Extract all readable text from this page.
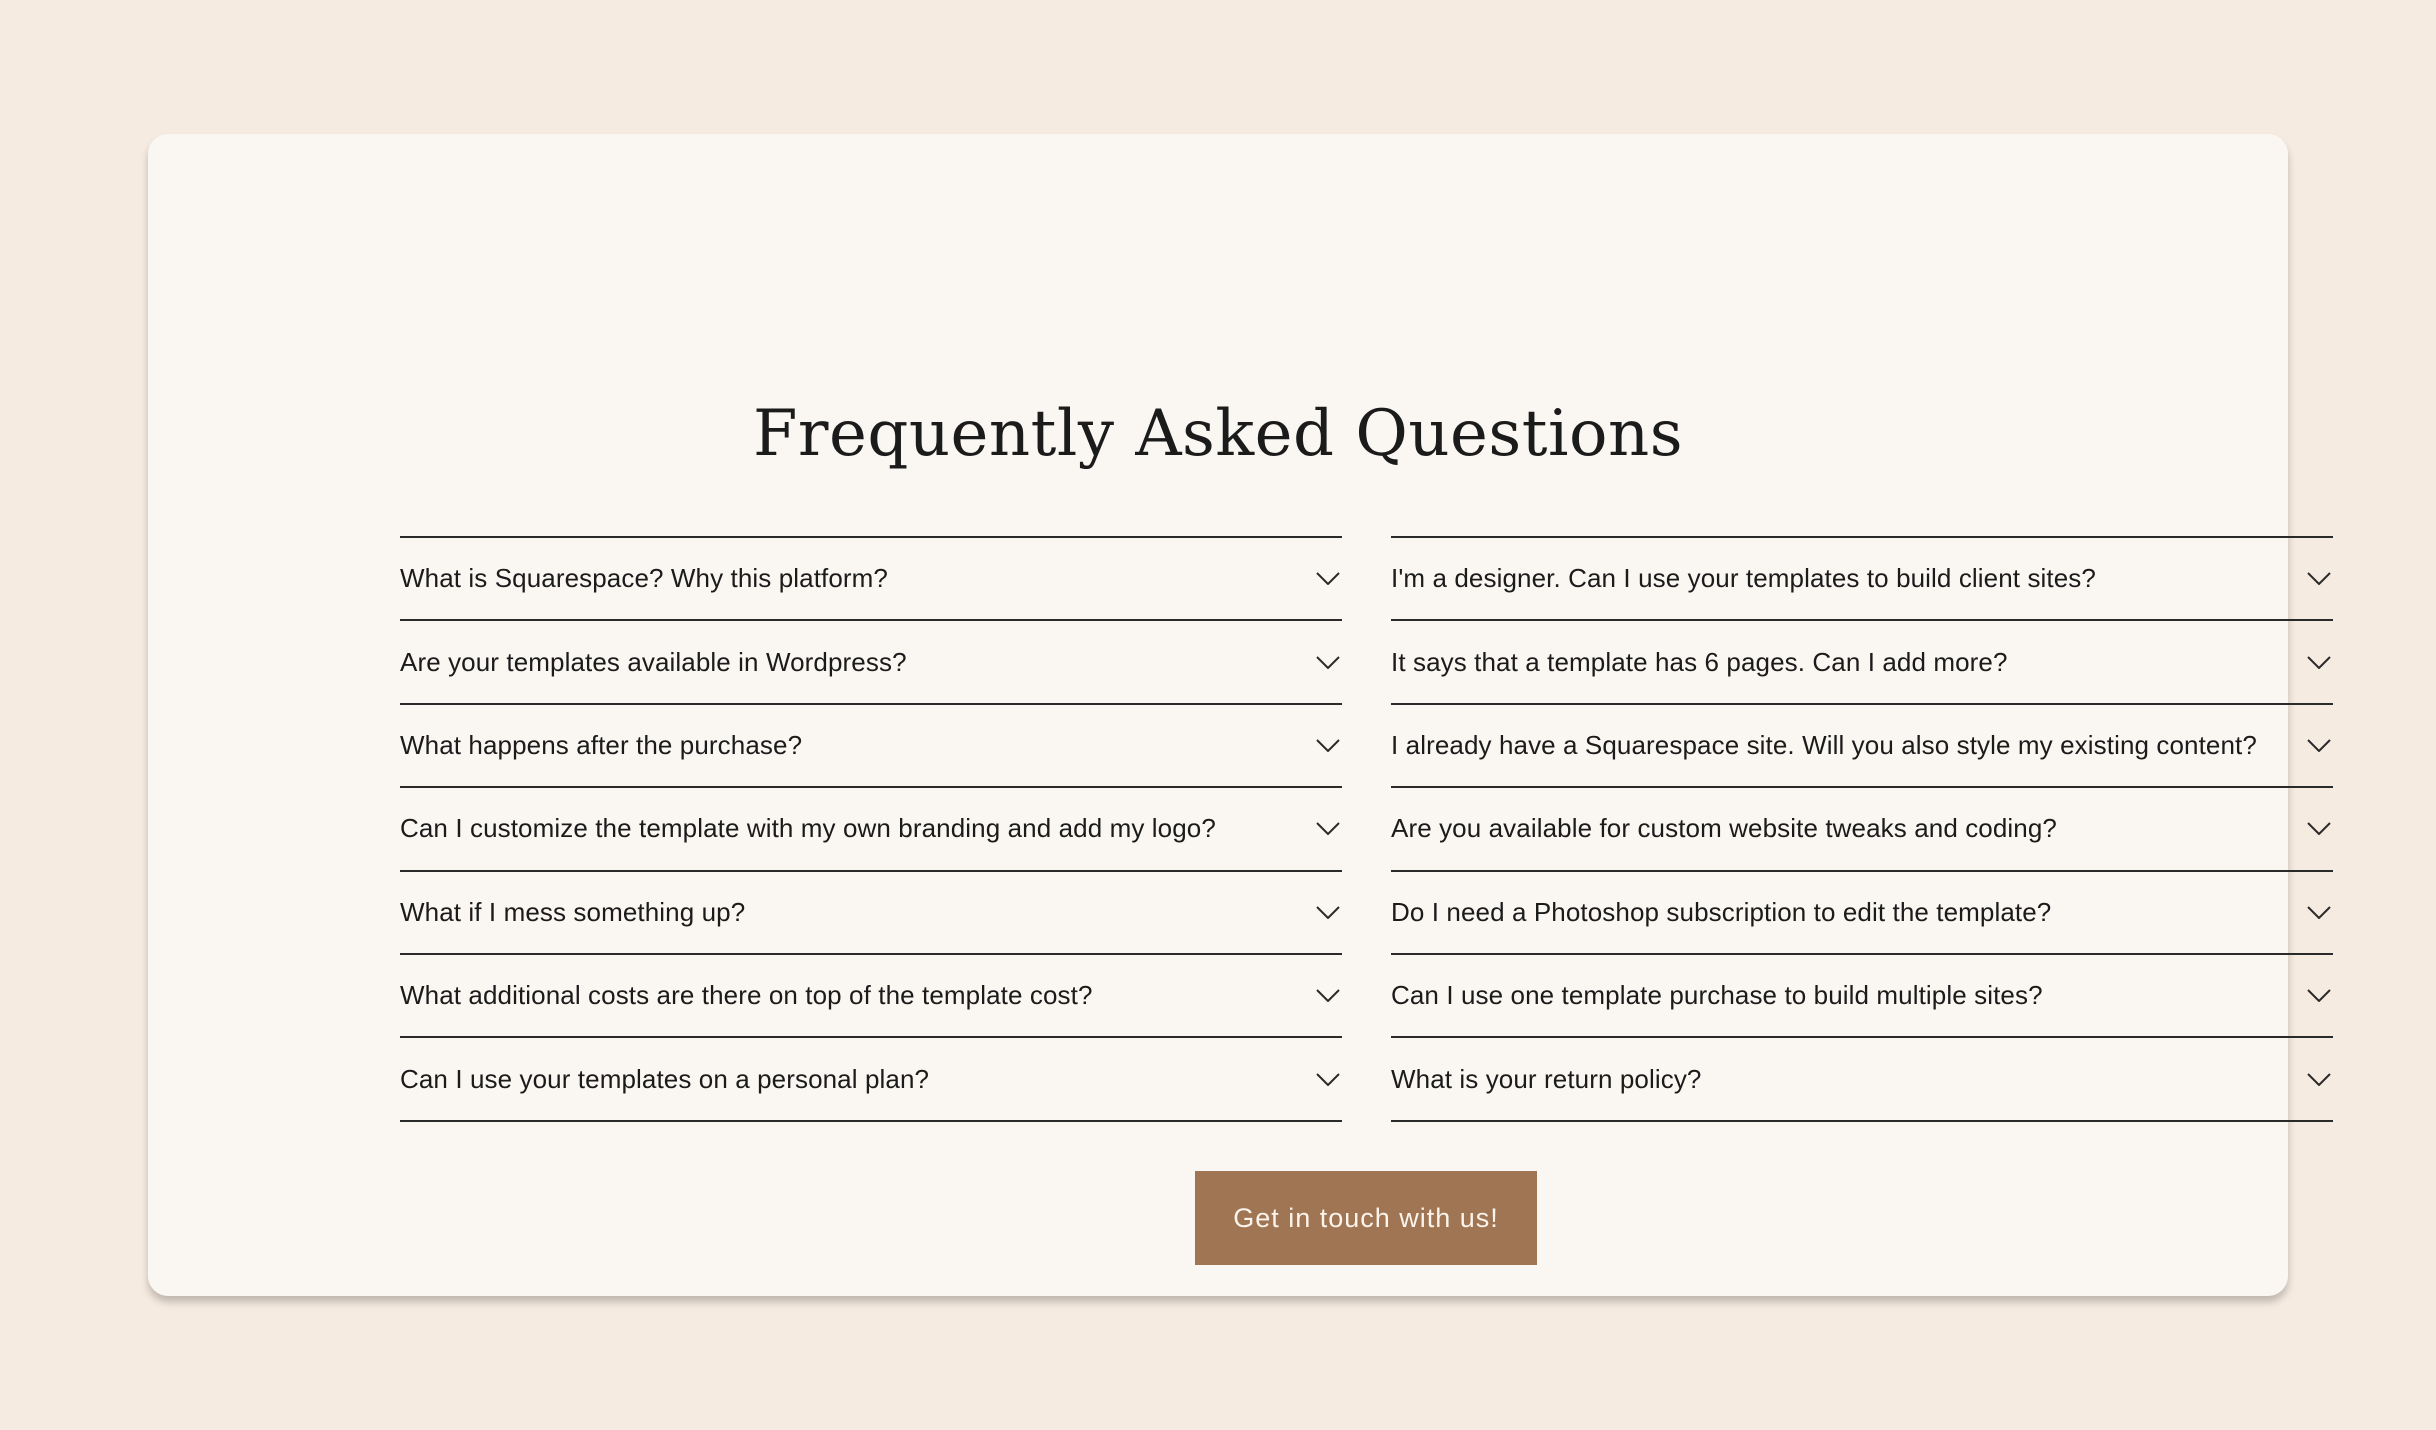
Frequently Asked Questions
What is Squarespace? Why this platform?
Are your templates available in Wordpress?
What happens after the purchase?
Can I customize the template with my own branding and add my logo?
What if I mess something up?
What additional costs are there on top of the template cost?
Can I use your templates on a personal plan?
I'm a designer. Can I use your templates to build client sites?
It says that a template has 6 pages. Can I add more?
I already have a Squarespace site. Will you also style my existing content?
Are you available for custom website tweaks and coding?
Do I need a Photoshop subscription to edit the template?
Can I use one template purchase to build multiple sites?
What is your return policy?
Get in touch with us!
